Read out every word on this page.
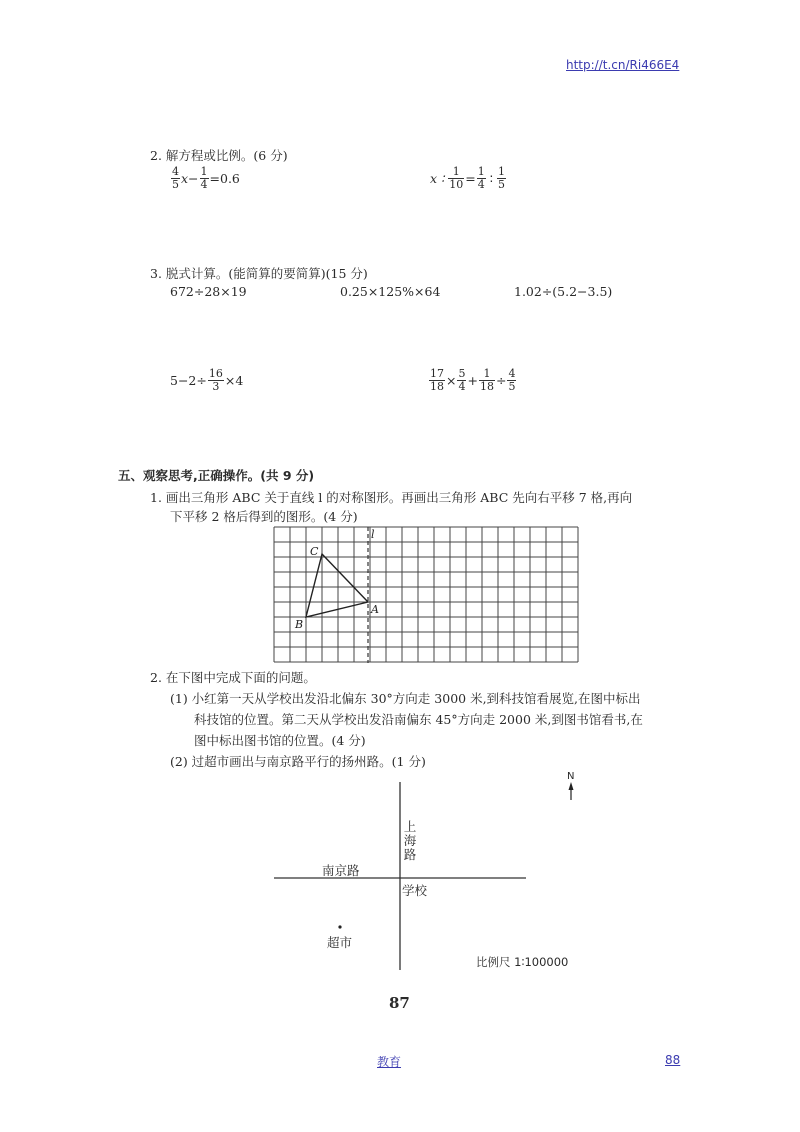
http://t.cn/Ri466E4
2. 解方程或比例。(6 分)
$\frac{4}{5} x- \frac{1}{4} =0.6$	x ∶ $\frac{1}{10} = \frac{1}{4}$ ∶ $\frac{1}{5}$
3. 脱式计算。(能简算的要简算)(15 分)
672÷28×19	0.25×125%×64	1.02÷(5.2−3.5)
$5-2\div \frac{16}{3} \times 4$	$\frac{17}{18} \times \frac{5}{4} + \frac{1}{18} \div \frac{4}{5}$
五、观察思考,正确操作。(共 9 分)
1. 画出三角形 ABC 关于直线 l 的对称图形。再画出三角形 ABC 先向右平移 7 格,再向
下平移 2 格后得到的图形。(4 分)
C
A
B
l
2. 在下图中完成下面的问题。
(1) 小红第一天从学校出发沿北偏东 30°方向走 3000 米,到科技馆看展览,在图中标出
科技馆的位置。第二天从学校出发沿南偏东 45°方向走 2000 米,到图书馆看书,在
图中标出图书馆的位置。(4 分)
(2) 过超市画出与南京路平行的扬州路。(1 分)
N
上
海
路
南京路
学校
超市
比例尺 1∶100000
87
教育	88
